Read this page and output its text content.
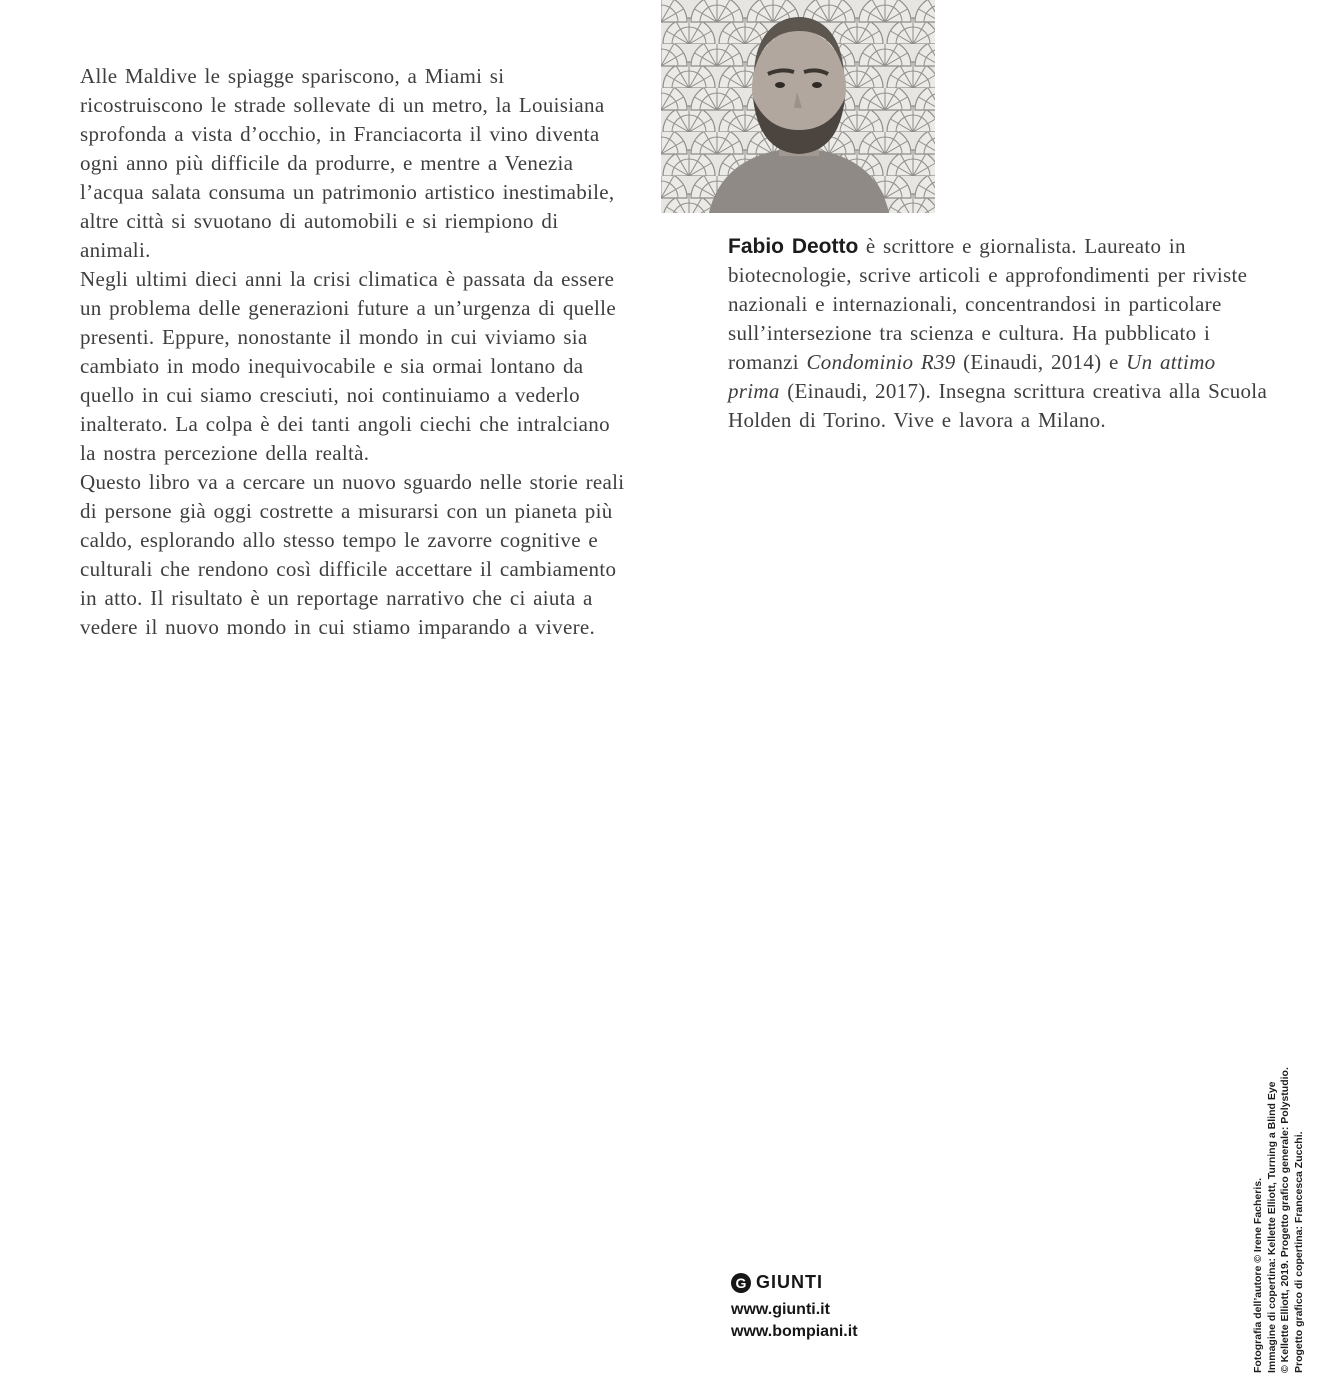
Alle Maldive le spiagge spariscono, a Miami si ricostruiscono le strade sollevate di un metro, la Louisiana sprofonda a vista d’occhio, in Franciacorta il vino diventa ogni anno più difficile da produrre, e mentre a Venezia l’acqua salata consuma un patrimonio artistico inestimabile, altre città si svuotano di automobili e si riempiono di animali.

Negli ultimi dieci anni la crisi climatica è passata da essere un problema delle generazioni future a un’urgenza di quelle presenti. Eppure, nonostante il mondo in cui viviamo sia cambiato in modo inequivocabile e sia ormai lontano da quello in cui siamo cresciuti, noi continuiamo a vederlo inalterato. La colpa è dei tanti angoli ciechi che intralciano la nostra percezione della realtà.

Questo libro va a cercare un nuovo sguardo nelle storie reali di persone già oggi costrette a misurarsi con un pianeta più caldo, esplorando allo stesso tempo le zavorre cognitive e culturali che rendono così difficile accettare il cambiamento in atto. Il risultato è un reportage narrativo che ci aiuta a vedere il nuovo mondo in cui stiamo imparando a vivere.

Fabio Deotto è scrittore e giornalista. Laureato in biotecnologie, scrive articoli e approfondimenti per riviste nazionali e internazionali, concentrandosi in particolare sull’intersezione tra scienza e cultura. Ha pubblicato i romanzi Condominio R39 (Einaudi, 2014) e Un attimo prima (Einaudi, 2017). Insegna scrittura creativa alla Scuola Holden di Torino. Vive e lavora a Milano.
Fotografia dell’autore © Irene Facheris. Immagine di copertina: Kellette Elliott, Turning a Blind Eye © Kellette Elliott, 2019. Progetto grafico generale: Polystudio. Progetto grafico di copertina: Francesca Zucchi.
G GIUNTI
www.giunti.it
www.bompiani.it
